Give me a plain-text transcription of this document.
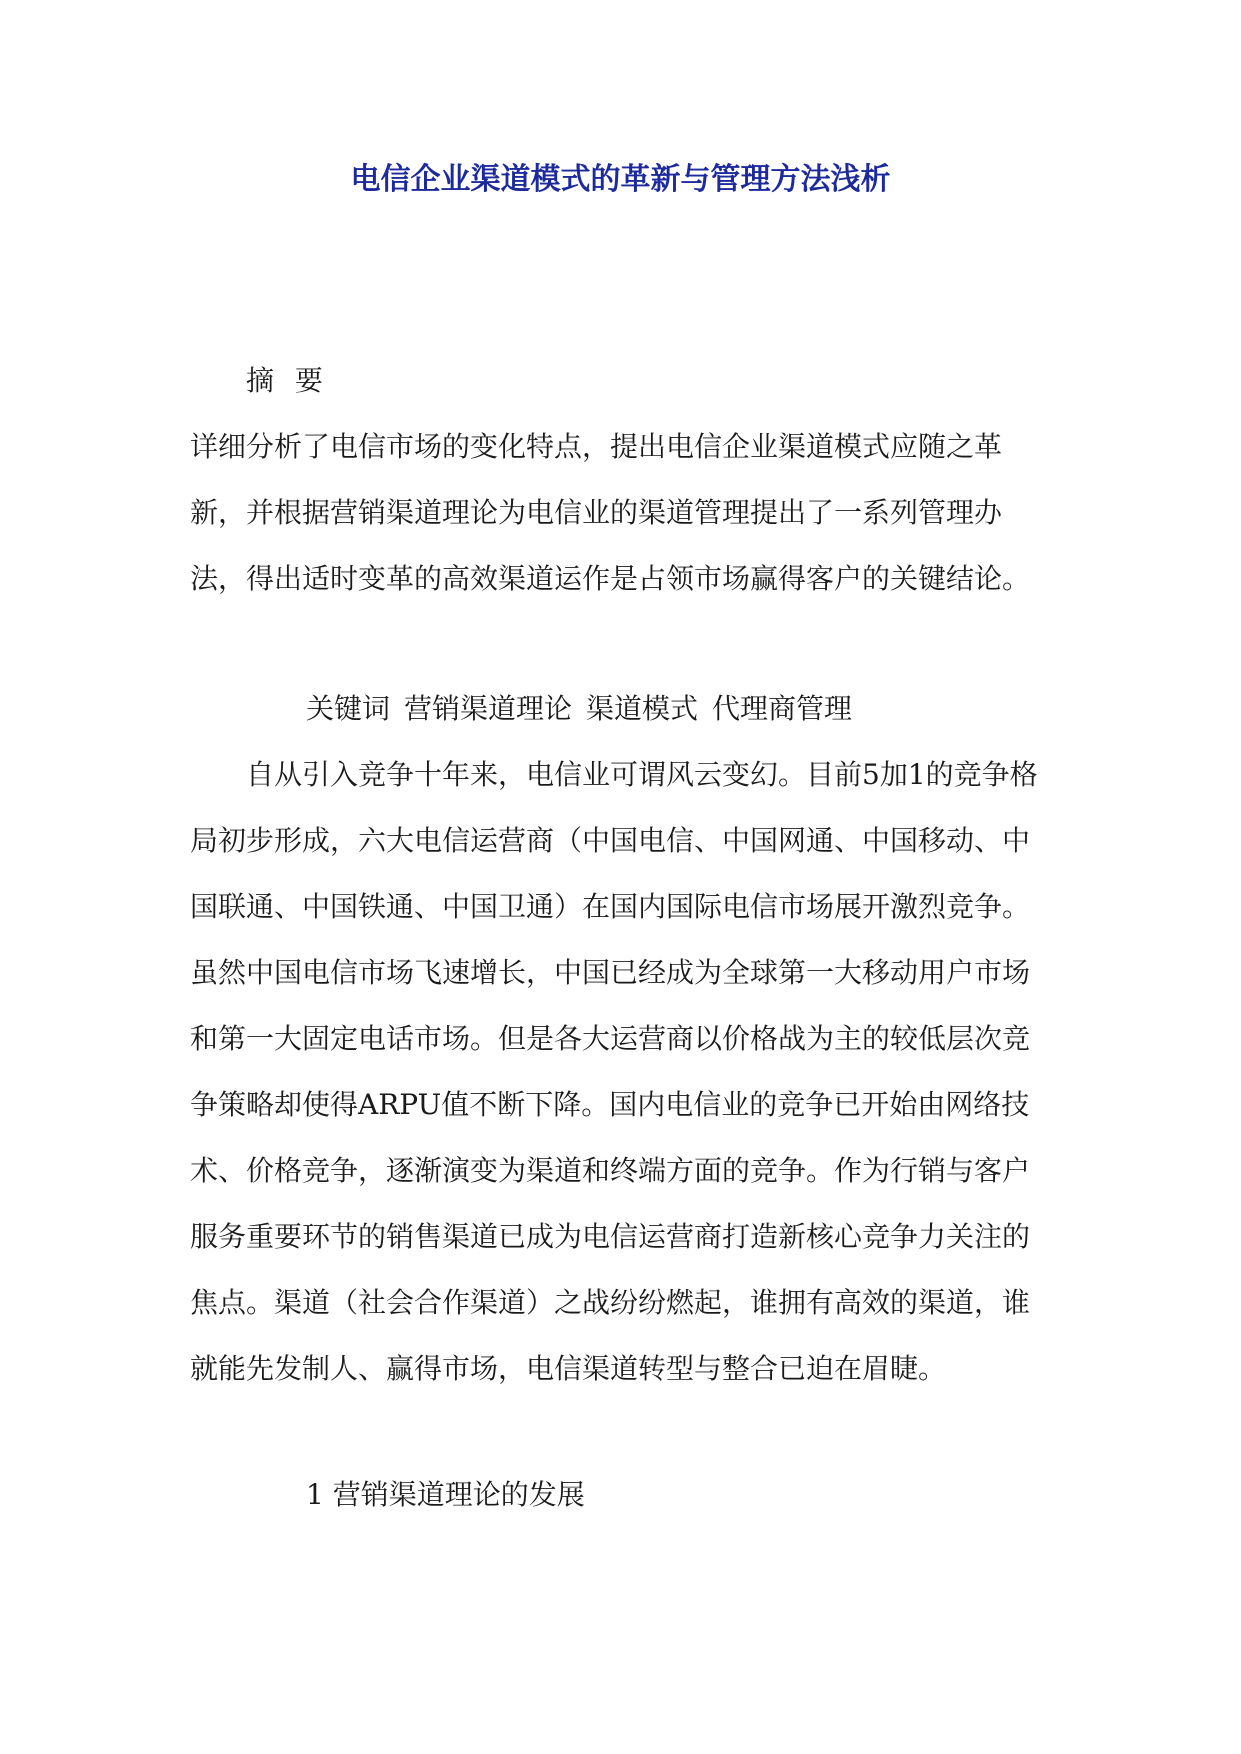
电信企业渠道模式的革新与管理方法浅析

摘 要

详细分析了电信市场的变化特点，提出电信企业渠道模式应随之革新，并根据营销渠道理论为电信业的渠道管理提出了一系列管理办法，得出适时变革的高效渠道运作是占领市场赢得客户的关键结论。

关键词 营销渠道理论 渠道模式 代理商管理

自从引入竞争十年来，电信业可谓风云变幻。目前5加1的竞争格局初步形成，六大电信运营商（中国电信、中国网通、中国移动、中国联通、中国铁通、中国卫通）在国内国际电信市场展开激烈竞争。虽然中国电信市场飞速增长，中国已经成为全球第一大移动用户市场和第一大固定电话市场。但是各大运营商以价格战为主的较低层次竞争策略却使得ARPU值不断下降。国内电信业的竞争已开始由网络技术、价格竞争，逐渐演变为渠道和终端方面的竞争。作为行销与客户服务重要环节的销售渠道已成为电信运营商打造新核心竞争力关注的焦点。渠道（社会合作渠道）之战纷纷燃起，谁拥有高效的渠道，谁就能先发制人、赢得市场，电信渠道转型与整合已迫在眉睫。

1 营销渠道理论的发展
